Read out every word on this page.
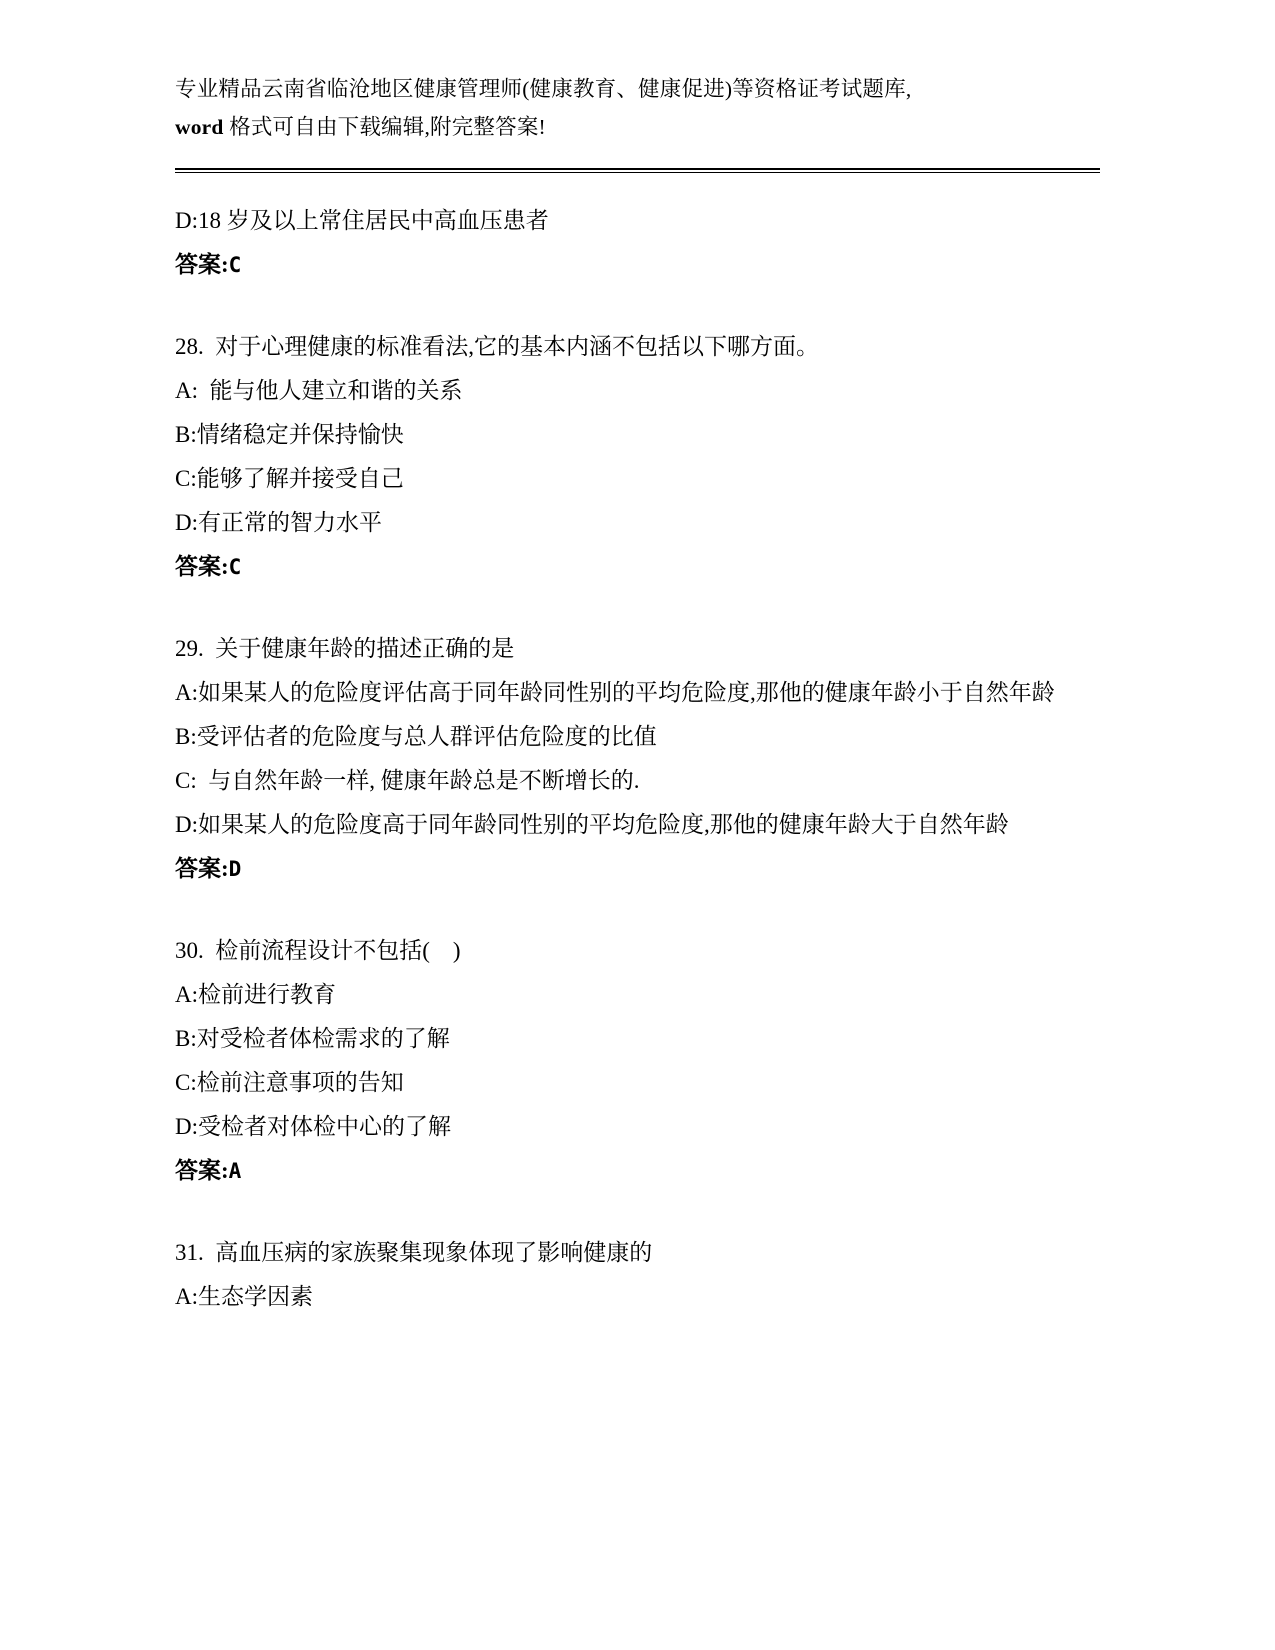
专业精品云南省临沧地区健康管理师(健康教育、健康促进)等资格证考试题库,
word 格式可自由下载编辑,附完整答案!
D:18 岁及以上常住居民中高血压患者
答案:C
28. 对于心理健康的标准看法,它的基本内涵不包括以下哪方面。
A:  能与他人建立和谐的关系
B:情绪稳定并保持愉快
C:能够了解并接受自己
D:有正常的智力水平
答案:C
29. 关于健康年龄的描述正确的是
A:如果某人的危险度评估高于同年龄同性别的平均危险度,那他的健康年龄小于自然年龄
B:受评估者的危险度与总人群评估危险度的比值
C:  与自然年龄一样, 健康年龄总是不断增长的.
D:如果某人的危险度高于同年龄同性别的平均危险度,那他的健康年龄大于自然年龄
答案:D
30. 检前流程设计不包括(    )
A:检前进行教育
B:对受检者体检需求的了解
C:检前注意事项的告知
D:受检者对体检中心的了解
答案:A
31. 高血压病的家族聚集现象体现了影响健康的
A:生态学因素
